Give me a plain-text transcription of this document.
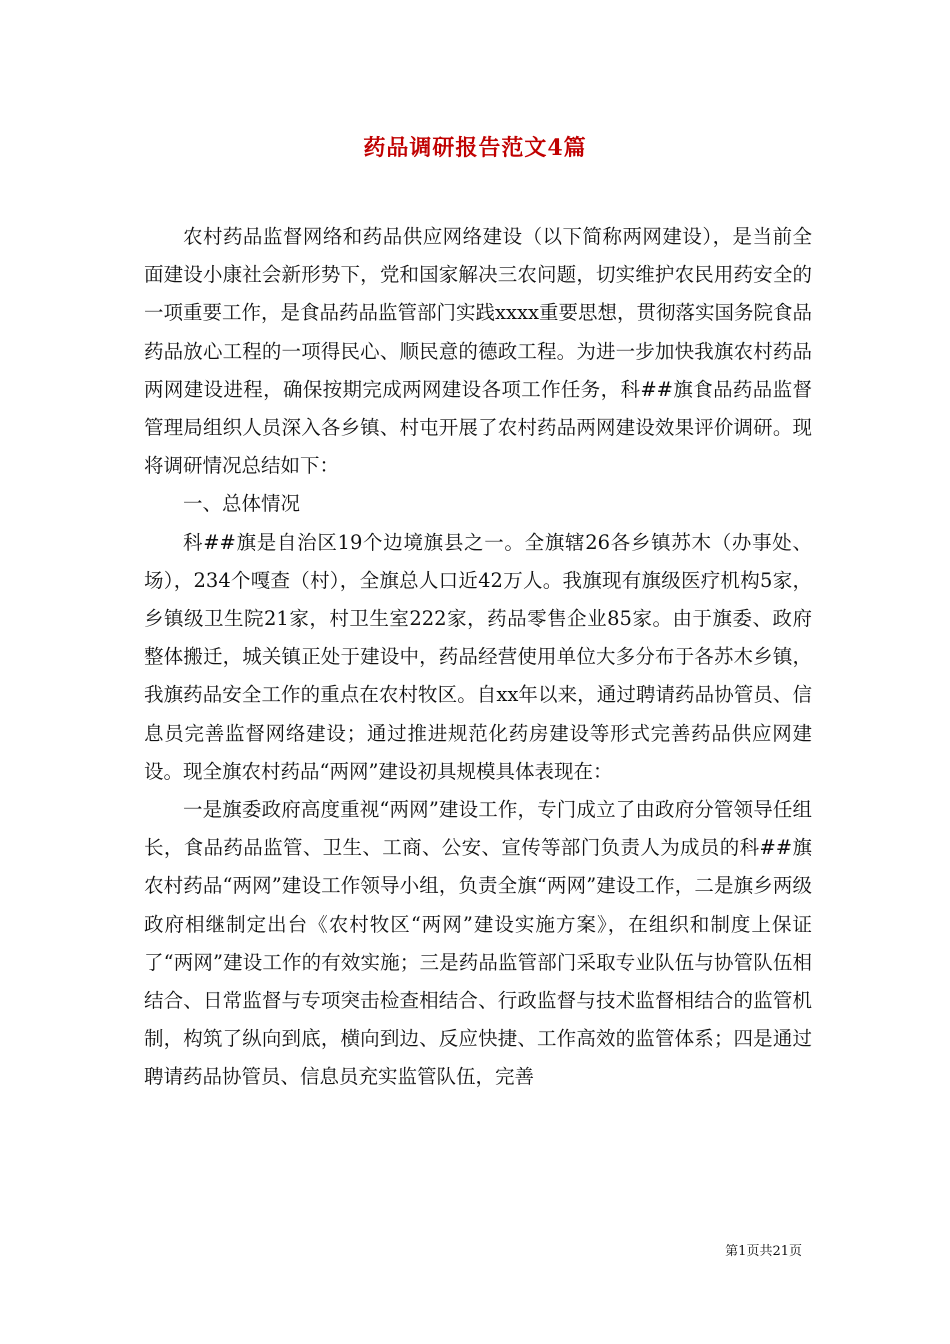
药品调研报告范文4篇

农村药品监督网络和药品供应网络建设（以下简称两网建设），是当前全面建设小康社会新形势下，党和国家解决三农问题，切实维护农民用药安全的一项重要工作，是食品药品监管部门实践xxxx重要思想，贯彻落实国务院食品药品放心工程的一项得民心、顺民意的德政工程。为进一步加快我旗农村药品两网建设进程，确保按期完成两网建设各项工作任务，科##旗食品药品监督管理局组织人员深入各乡镇、村屯开展了农村药品两网建设效果评价调研。现将调研情况总结如下：

一、总体情况

科##旗是自治区19个边境旗县之一。全旗辖26各乡镇苏木（办事处、场），234个嘎查（村），全旗总人口近42万人。我旗现有旗级医疗机构5家，乡镇级卫生院21家，村卫生室222家，药品零售企业85家。由于旗委、政府整体搬迁，城关镇正处于建设中，药品经营使用单位大多分布于各苏木乡镇，我旗药品安全工作的重点在农村牧区。自xx年以来，通过聘请药品协管员、信息员完善监督网络建设；通过推进规范化药房建设等形式完善药品供应网建设。现全旗农村药品“两网”建设初具规模具体表现在：

一是旗委政府高度重视“两网”建设工作，专门成立了由政府分管领导任组长，食品药品监管、卫生、工商、公安、宣传等部门负责人为成员的科##旗农村药品“两网”建设工作领导小组，负责全旗“两网”建设工作，二是旗乡两级政府相继制定出台《农村牧区“两网”建设实施方案》，在组织和制度上保证了“两网”建设工作的有效实施；三是药品监管部门采取专业队伍与协管队伍相结合、日常监督与专项突击检查相结合、行政监督与技术监督相结合的监管机制，构筑了纵向到底，横向到边、反应快捷、工作高效的监管体系；四是通过聘请药品协管员、信息员充实监管队伍，完善

第1页共21页
